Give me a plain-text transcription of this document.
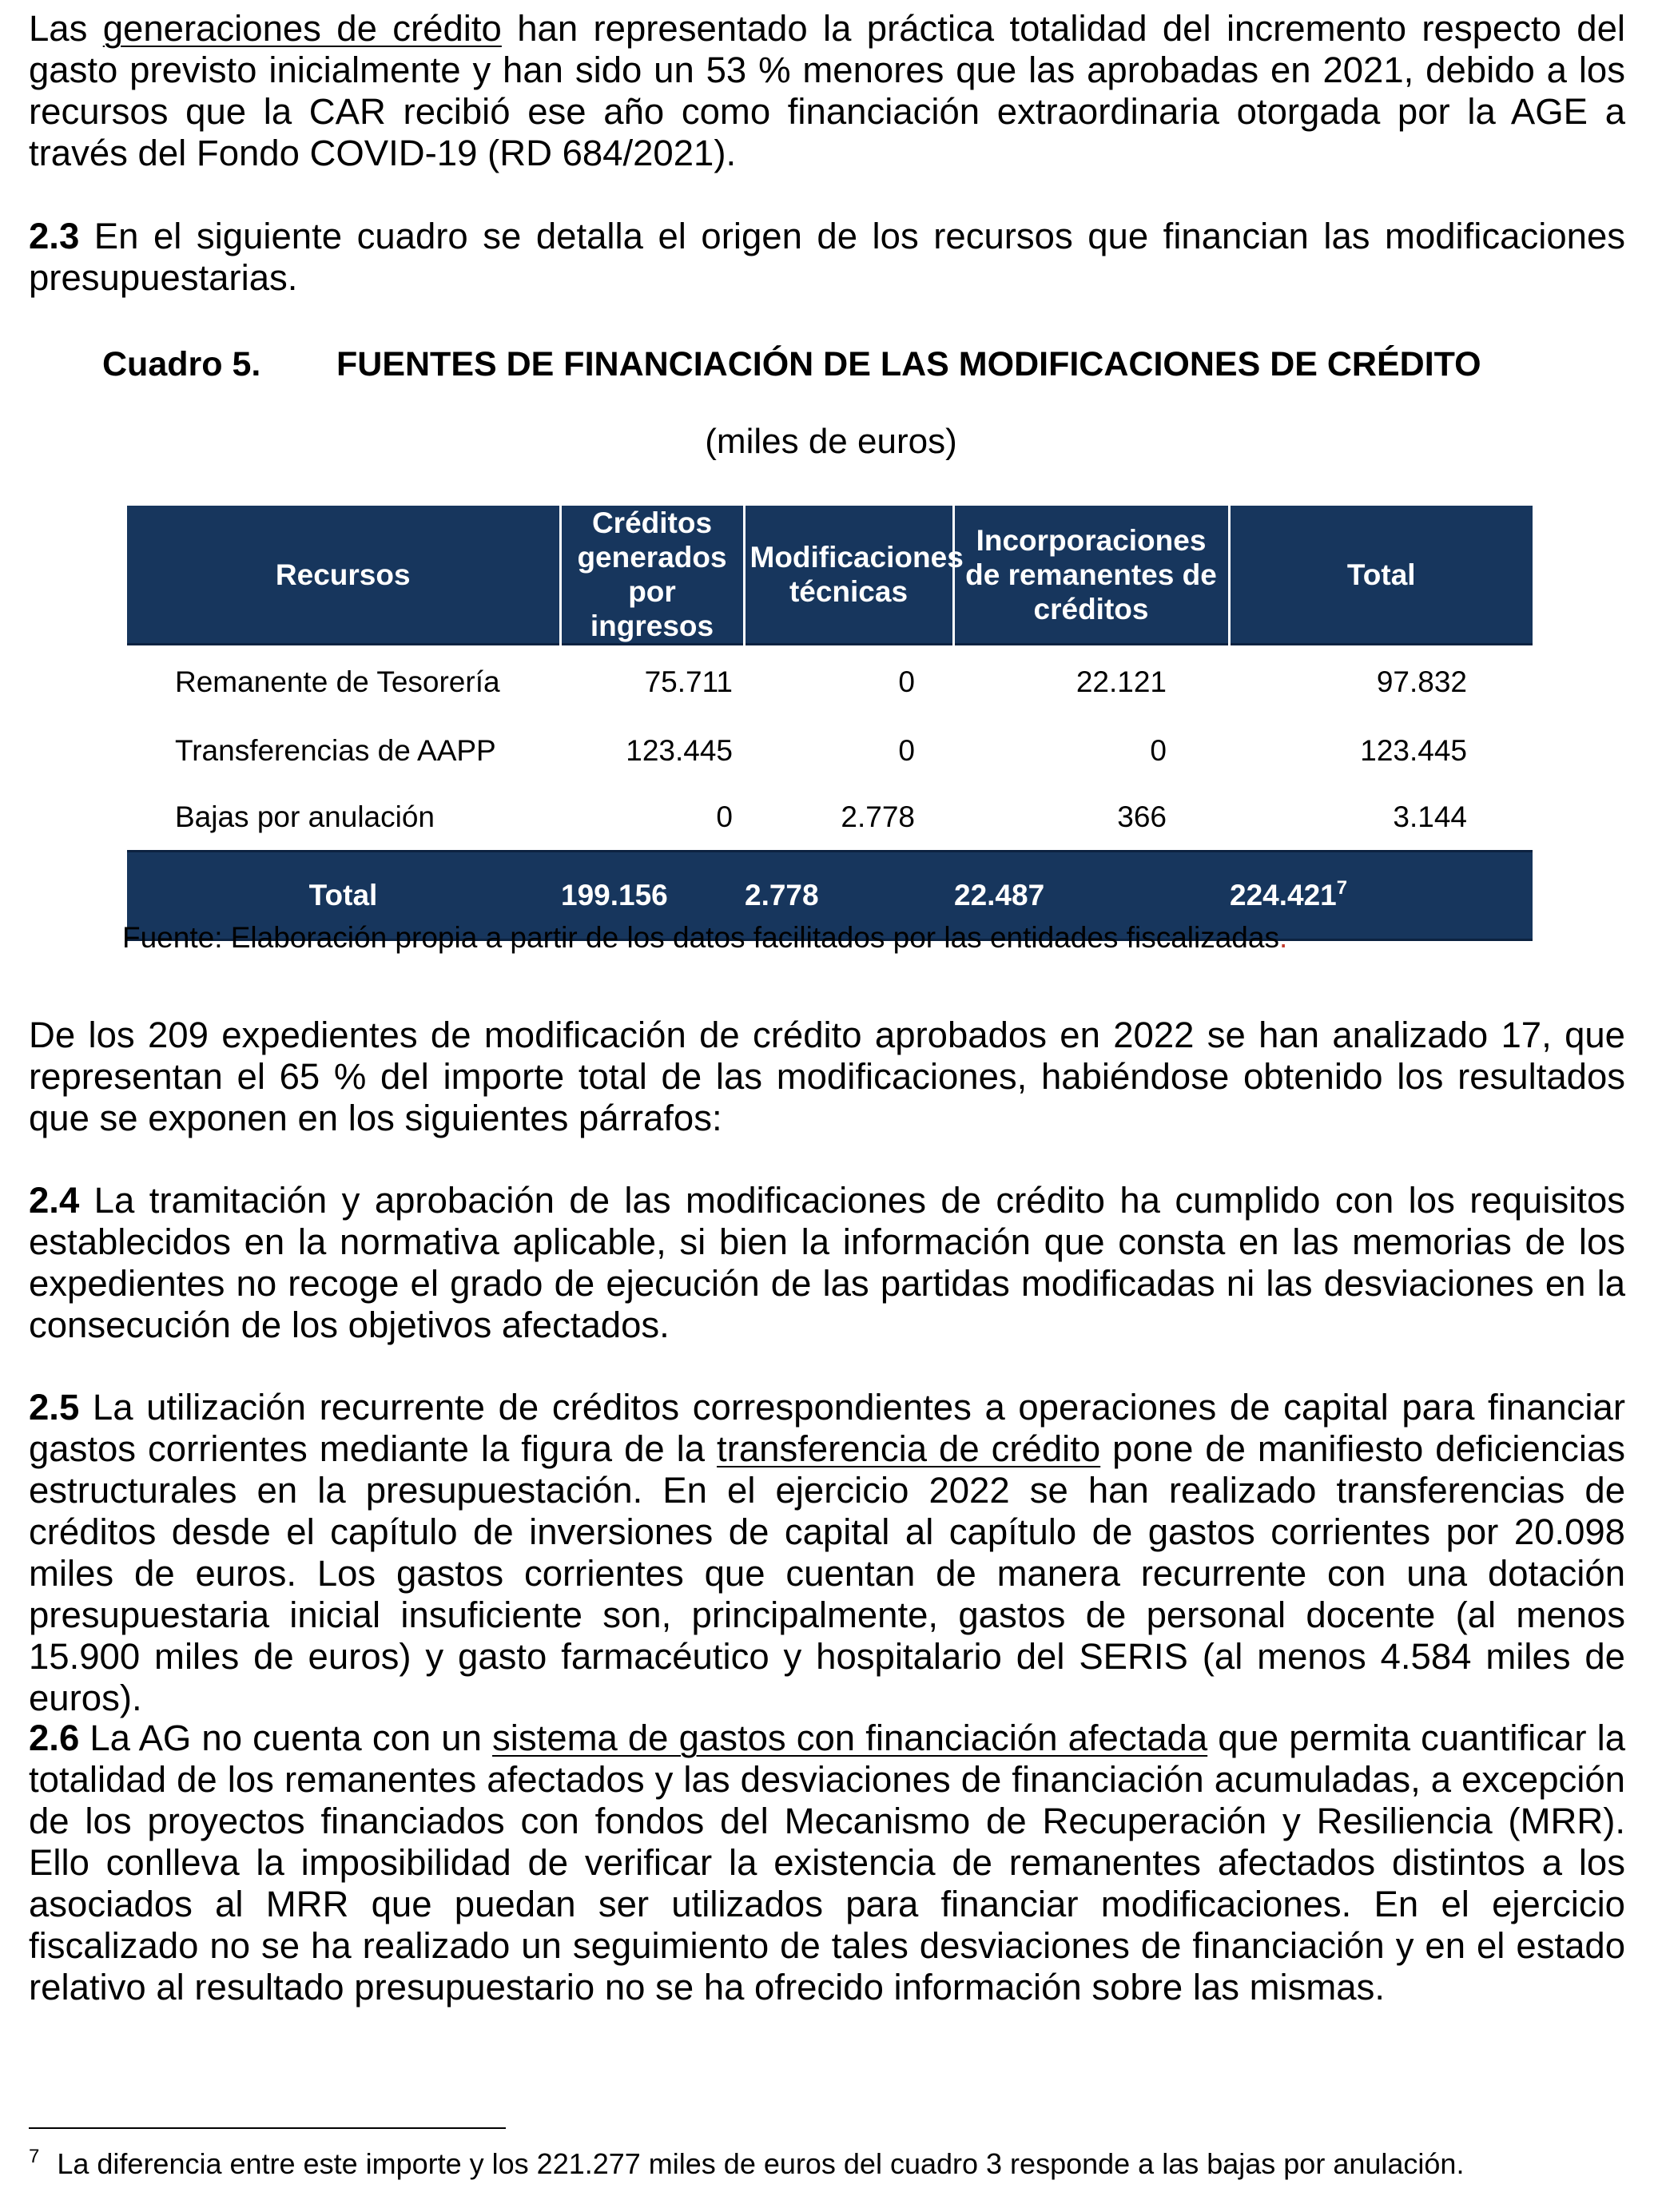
Las generaciones de crédito han representado la práctica totalidad del incremento respecto del gasto previsto inicialmente y han sido un 53 % menores que las aprobadas en 2021, debido a los recursos que la CAR recibió ese año como financiación extraordinaria otorgada por la AGE a través del Fondo COVID-19 (RD 684/2021).

2.3 En el siguiente cuadro se detalla el origen de los recursos que financian las modificaciones presupuestarias.

Cuadro 5. FUENTES DE FINANCIACIÓN DE LAS MODIFICACIONES DE CRÉDITO
(miles de euros)
Recursos	Créditos generados por ingresos	Modificaciones técnicas	Incorporaciones de remanentes de créditos	Total
Remanente de Tesorería	75.711	0	22.121	97.832
Transferencias de AAPP	123.445	0	0	123.445
Bajas por anulación	0	2.778	366	3.144
Total	199.156	2.778	22.487	224.421$^7$
Fuente: Elaboración propia a partir de los datos facilitados por las entidades fiscalizadas.

De los 209 expedientes de modificación de crédito aprobados en 2022 se han analizado 17, que representan el 65 % del importe total de las modificaciones, habiéndose obtenido los resultados que se exponen en los siguientes párrafos:

2.4 La tramitación y aprobación de las modificaciones de crédito ha cumplido con los requisitos establecidos en la normativa aplicable, si bien la información que consta en las memorias de los expedientes no recoge el grado de ejecución de las partidas modificadas ni las desviaciones en la consecución de los objetivos afectados.

2.5 La utilización recurrente de créditos correspondientes a operaciones de capital para financiar gastos corrientes mediante la figura de la transferencia de crédito pone de manifiesto deficiencias estructurales en la presupuestación. En el ejercicio 2022 se han realizado transferencias de créditos desde el capítulo de inversiones de capital al capítulo de gastos corrientes por 20.098 miles de euros. Los gastos corrientes que cuentan de manera recurrente con una dotación presupuestaria inicial insuficiente son, principalmente, gastos de personal docente (al menos 15.900 miles de euros) y gasto farmacéutico y hospitalario del SERIS (al menos 4.584 miles de euros).

2.6 La AG no cuenta con un sistema de gastos con financiación afectada que permita cuantificar la totalidad de los remanentes afectados y las desviaciones de financiación acumuladas, a excepción de los proyectos financiados con fondos del Mecanismo de Recuperación y Resiliencia (MRR). Ello conlleva la imposibilidad de verificar la existencia de remanentes afectados distintos a los asociados al MRR que puedan ser utilizados para financiar modificaciones. En el ejercicio fiscalizado no se ha realizado un seguimiento de tales desviaciones de financiación y en el estado relativo al resultado presupuestario no se ha ofrecido información sobre las mismas.

$^7$ La diferencia entre este importe y los 221.277 miles de euros del cuadro 3 responde a las bajas por anulación.
